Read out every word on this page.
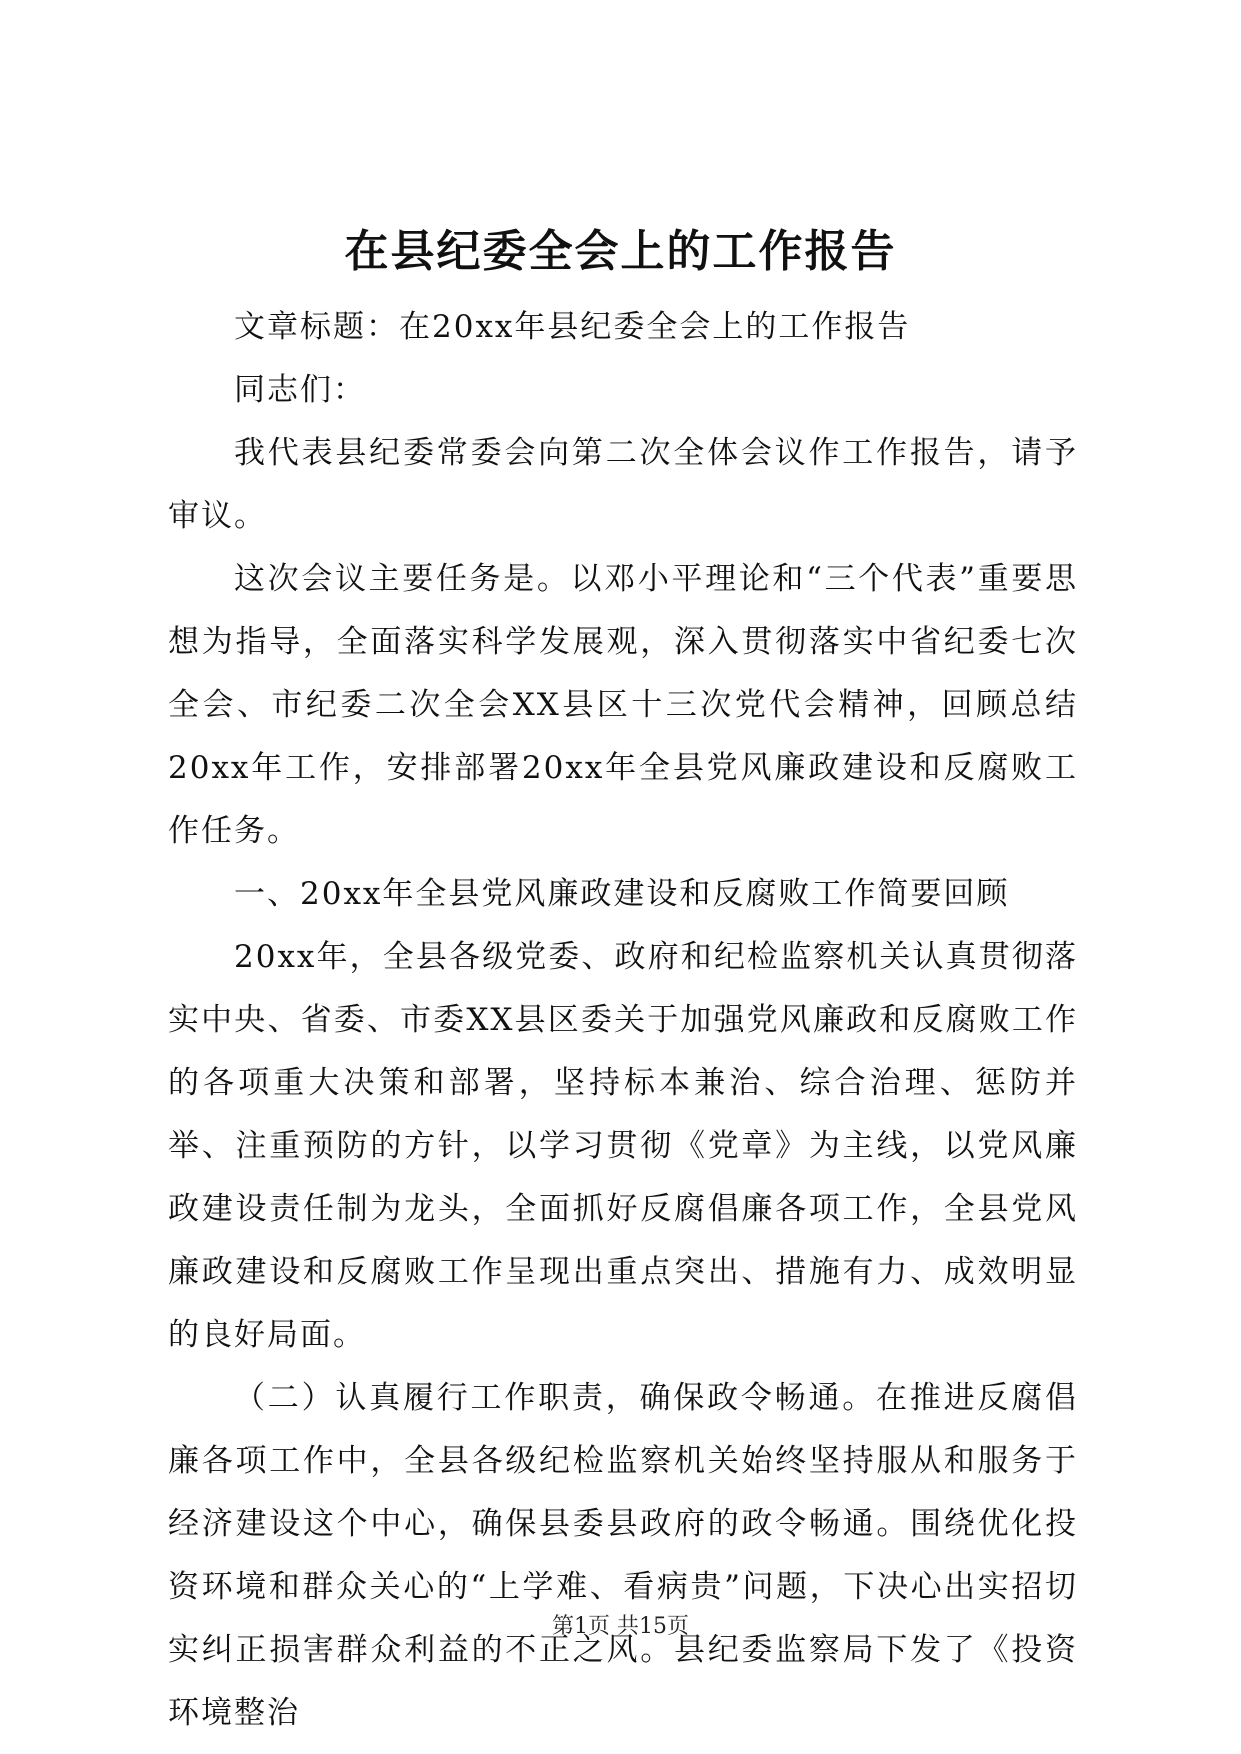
在县纪委全会上的工作报告

文章标题：在20xx年县纪委全会上的工作报告

同志们：

我代表县纪委常委会向第二次全体会议作工作报告，请予审议。

这次会议主要任务是。以邓小平理论和“三个代表”重要思想为指导，全面落实科学发展观，深入贯彻落实中省纪委七次全会、市纪委二次全会XX县区十三次党代会精神，回顾总结20xx年工作，安排部署20xx年全县党风廉政建设和反腐败工作任务。

一、20xx年全县党风廉政建设和反腐败工作简要回顾

20xx年，全县各级党委、政府和纪检监察机关认真贯彻落实中央、省委、市委XX县区委关于加强党风廉政和反腐败工作的各项重大决策和部署，坚持标本兼治、综合治理、惩防并举、注重预防的方针，以学习贯彻《党章》为主线，以党风廉政建设责任制为龙头，全面抓好反腐倡廉各项工作，全县党风廉政建设和反腐败工作呈现出重点突出、措施有力、成效明显的良好局面。

（二）认真履行工作职责，确保政令畅通。在推进反腐倡廉各项工作中，全县各级纪检监察机关始终坚持服从和服务于经济建设这个中心，确保县委县政府的政令畅通。围绕优化投资环境和群众关心的“上学难、看病贵”问题，下决心出实招切实纠正损害群众利益的不正之风。县纪委监察局下发了《投资环境整治

第1页 共15页
